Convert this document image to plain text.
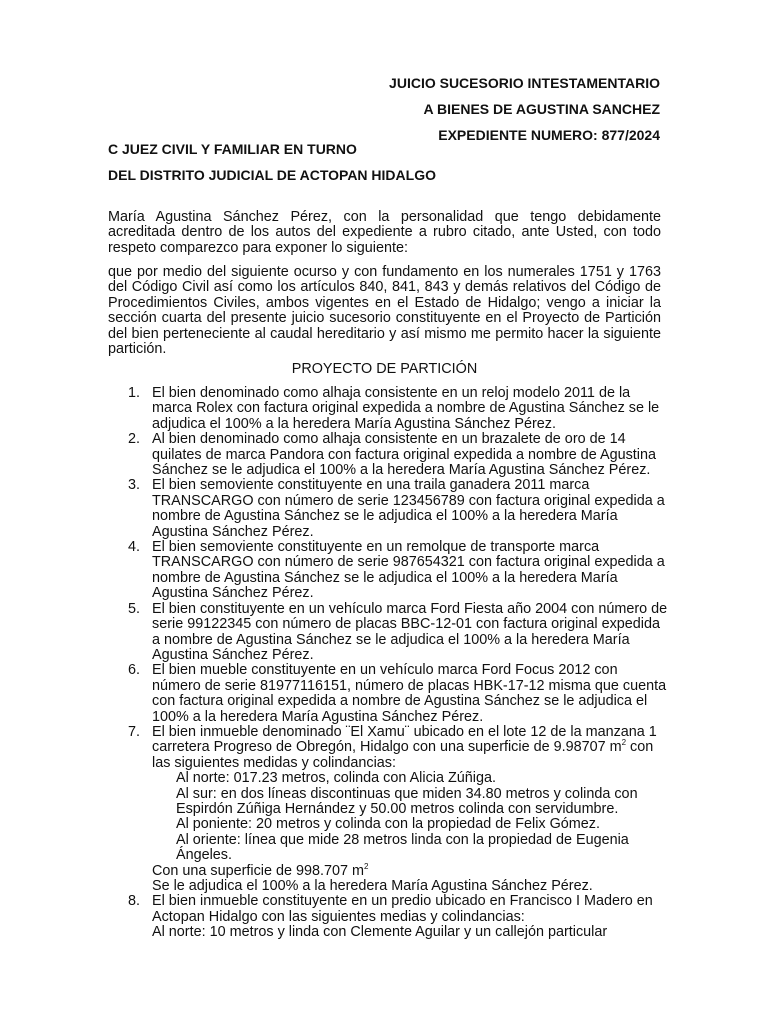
JUICIO SUCESORIO INTESTAMENTARIO
A BIENES DE AGUSTINA SANCHEZ
EXPEDIENTE NUMERO: 877/2024
C JUEZ CIVIL Y FAMILIAR EN TURNO
DEL DISTRITO JUDICIAL DE ACTOPAN HIDALGO

María Agustina Sánchez Pérez, con la personalidad que tengo debidamente acreditada dentro de los autos del expediente a rubro citado, ante Usted, con todo respeto comparezco para exponer lo siguiente:

que por medio del siguiente ocurso y con fundamento en los numerales 1751 y 1763 del Código Civil así como los artículos 840, 841, 843 y demás relativos del Código de Procedimientos Civiles, ambos vigentes en el Estado de Hidalgo; vengo a iniciar la sección cuarta del presente juicio sucesorio constituyente en el Proyecto de Partición del bien perteneciente al caudal hereditario y así mismo me permito hacer la siguiente partición.

PROYECTO DE PARTICIÓN
1. El bien denominado como alhaja consistente en un reloj modelo 2011 de la marca Rolex con factura original expedida a nombre de Agustina Sánchez se le adjudica el 100% a la heredera María Agustina Sánchez Pérez.
2. Al bien denominado como alhaja consistente en un brazalete de oro de 14 quilates de marca Pandora con factura original expedida a nombre de Agustina Sánchez se le adjudica el 100% a la heredera María Agustina Sánchez Pérez.
3. El bien semoviente constituyente en una traila ganadera 2011 marca TRANSCARGO con número de serie 123456789 con factura original expedida a nombre de Agustina Sánchez se le adjudica el 100% a la heredera María Agustina Sánchez Pérez.
4. El bien semoviente constituyente en un remolque de transporte marca TRANSCARGO con número de serie 987654321 con factura original expedida a nombre de Agustina Sánchez se le adjudica el 100% a la heredera María Agustina Sánchez Pérez.
5. El bien constituyente en un vehículo marca Ford Fiesta año 2004 con número de serie 99122345 con número de placas BBC-12-01 con factura original expedida a nombre de Agustina Sánchez se le adjudica el 100% a la heredera María Agustina Sánchez Pérez.
6. El bien mueble constituyente en un vehículo marca Ford Focus 2012 con número de serie 81977116151, número de placas HBK-17-12 misma que cuenta con factura original expedida a nombre de Agustina Sánchez se le adjudica el 100% a la heredera María Agustina Sánchez Pérez.
7. El bien inmueble denominado ¨El Xamu¨ ubicado en el lote 12 de la manzana 1 carretera Progreso de Obregón, Hidalgo con una superficie de 9.98707 $m^2$ con las siguientes medidas y colindancias:
Al norte: 017.23 metros, colinda con Alicia Zúñiga.
Al sur: en dos líneas discontinuas que miden 34.80 metros y colinda con Espirdón Zúñiga Hernández y 50.00 metros colinda con servidumbre.
Al poniente: 20 metros y colinda con la propiedad de Felix Gómez.
Al oriente: línea que mide 28 metros linda con la propiedad de Eugenia Ángeles.
Con una superficie de 998.707 $m^2$
Se le adjudica el 100% a la heredera María Agustina Sánchez Pérez.
8. El bien inmueble constituyente en un predio ubicado en Francisco I Madero en Actopan Hidalgo con las siguientes medias y colindancias:
Al norte: 10 metros y linda con Clemente Aguilar y un callejón particular
